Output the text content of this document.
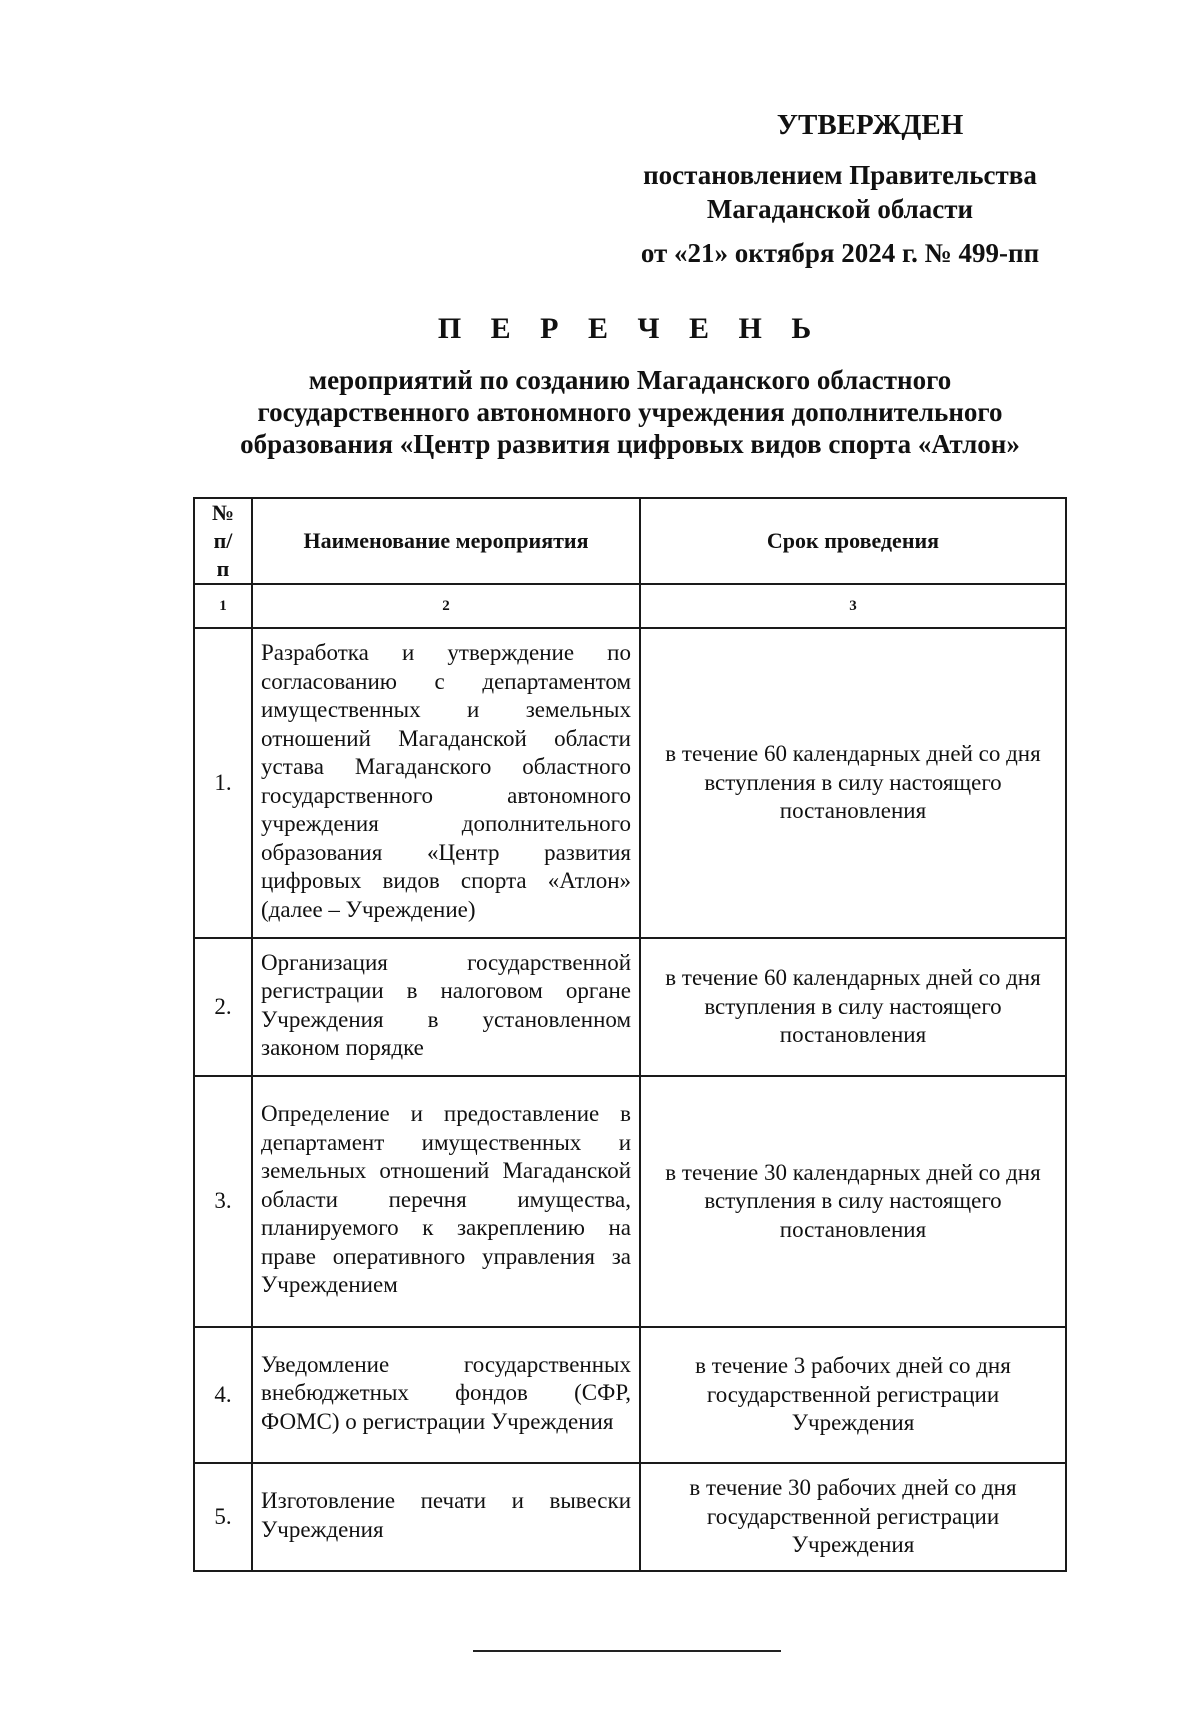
УТВЕРЖДЕН
постановлением Правительства
Магаданской области
от «21» октября 2024 г. № 499-пп
П Е Р Е Ч Е Н Ь
мероприятий по созданию Магаданского областного
государственного автономного учреждения дополнительного
образования «Центр развития цифровых видов спорта «Атлон»
№ п/п	Наименование мероприятия	Срок проведения
1	2	3
1.	Разработка и утверждение по согласованию с департаментом имущественных и земельных отношений Магаданской области устава Магаданского областного государственного автономного учреждения дополнительного образования «Центр развития цифровых видов спорта «Атлон» (далее – Учреждение)	в течение 60 календарных дней со дня вступления в силу настоящего постановления
2.	Организация государственной регистрации в налоговом органе Учреждения в установленном законом порядке	в течение 60 календарных дней со дня вступления в силу настоящего постановления
3.	Определение и предоставление в департамент имущественных и земельных отношений Магаданской области перечня имущества, планируемого к закреплению на праве оперативного управления за Учреждением	в течение 30 календарных дней со дня вступления в силу настоящего постановления
4.	Уведомление государственных внебюджетных фондов (СФР, ФОМС) о регистрации Учреждения	в течение 3 рабочих дней со дня государственной регистрации Учреждения
5.	Изготовление печати и вывески Учреждения	в течение 30 рабочих дней со дня государственной регистрации Учреждения
